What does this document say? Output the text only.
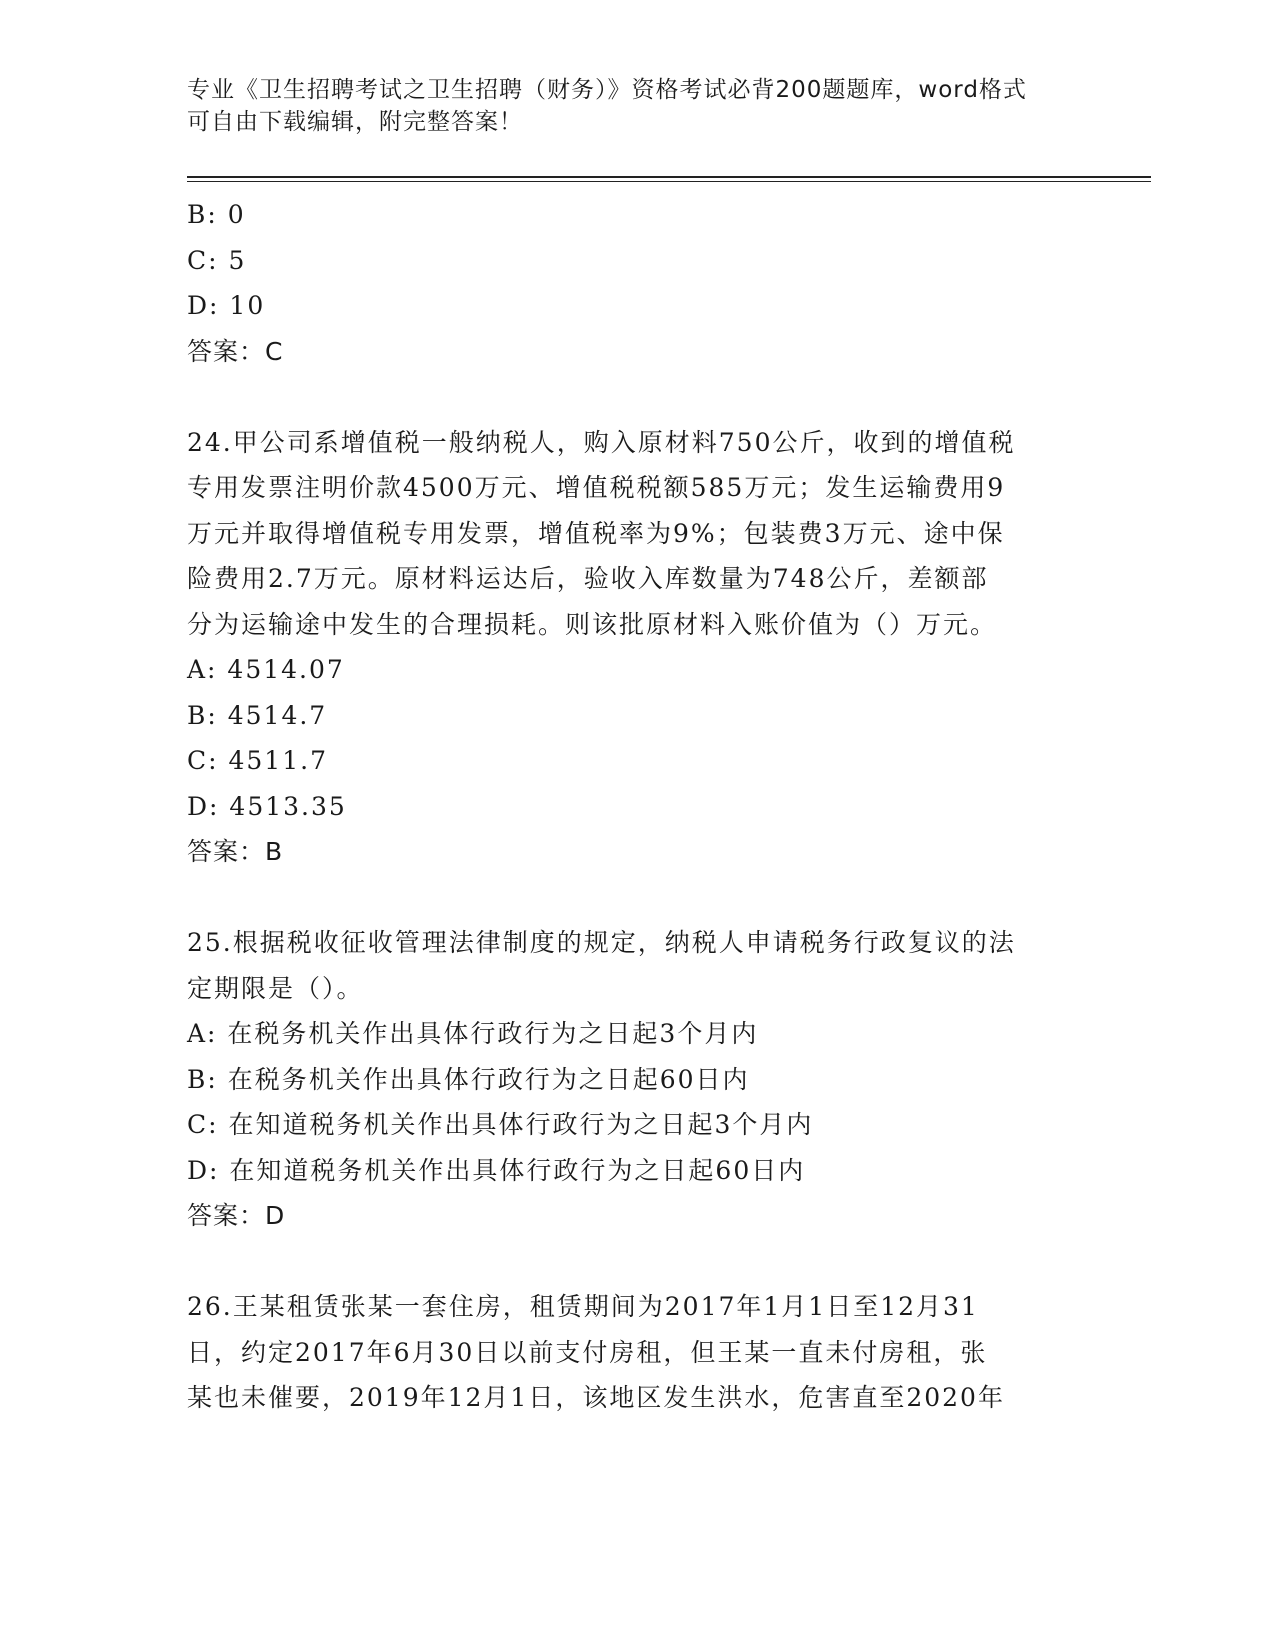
专业《卫生招聘考试之卫生招聘（财务）》资格考试必背200题题库，word格式
可自由下载编辑，附完整答案！
B: 0
C: 5
D: 10
答案：C
24.甲公司系增值税一般纳税人，购入原材料750公斤，收到的增值税
专用发票注明价款4500万元、增值税税额585万元；发生运输费用9
万元并取得增值税专用发票，增值税率为9%；包装费3万元、途中保
险费用2.7万元。原材料运达后，验收入库数量为748公斤，差额部
分为运输途中发生的合理损耗。则该批原材料入账价值为（）万元。
A: 4514.07
B: 4514.7
C: 4511.7
D: 4513.35
答案：B
25.根据税收征收管理法律制度的规定，纳税人申请税务行政复议的法
定期限是（）。
A: 在税务机关作出具体行政行为之日起3个月内
B: 在税务机关作出具体行政行为之日起60日内
C: 在知道税务机关作出具体行政行为之日起3个月内
D: 在知道税务机关作出具体行政行为之日起60日内
答案：D
26.王某租赁张某一套住房，租赁期间为2017年1月1日至12月31
日，约定2017年6月30日以前支付房租，但王某一直未付房租，张
某也未催要，2019年12月1日，该地区发生洪水，危害直至2020年
